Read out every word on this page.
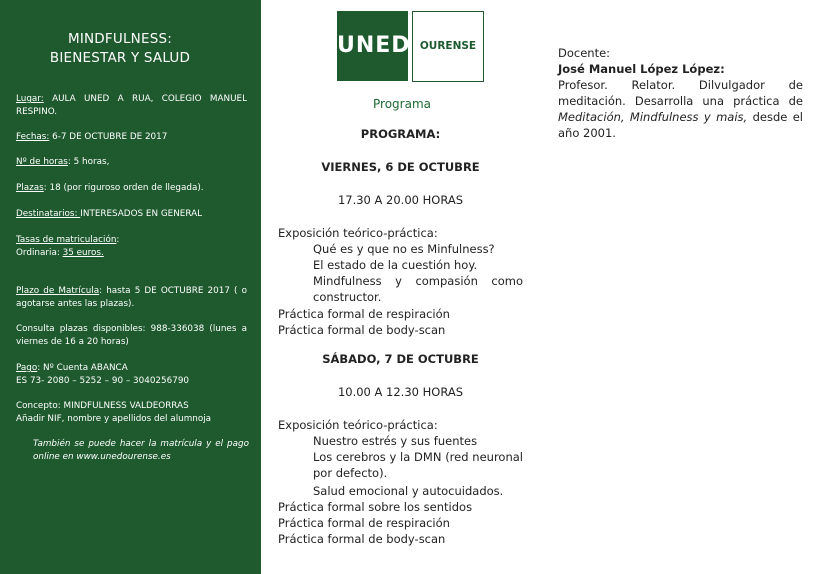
MINDFULNESS:
BIENESTAR Y SALUD
Lugar: AULA UNED A RUA, COLEGIO MANUEL RESPINO.
Fechas: 6-7 DE OCTUBRE DE 2017
Nº de horas: 5 horas,
Plazas: 18 (por riguroso orden de llegada).
Destinatarios: INTERESADOS EN GENERAL
Tasas de matriculación:
Ordinaria: 35 euros.
Plazo de Matrícula: hasta 5 DE OCTUBRE 2017 ( o agotarse antes las plazas).
Consulta plazas disponibles: 988-336038 (lunes a viernes de 16 a 20 horas)
Pago: Nº Cuenta ABANCA
ES 73- 2080 – 5252 – 90 – 3040256790
Concepto: MINDFULNESS VALDEORRAS
Añadir NIF, nombre y apellidos del alumnoja
También se puede hacer la matrícula y el pago online en www.unedourense.es
UNED OURENSE
Programa
PROGRAMA:
VIERNES, 6 DE OCTUBRE
17.30 A 20.00 HORAS
Exposición teórico-práctica:
Qué es y que no es Minfulness?
El estado de la cuestión hoy.
Mindfulness y compasión como constructor.
Práctica formal de respiración
Práctica formal de body-scan
SÁBADO, 7 DE OCTUBRE
10.00 A 12.30 HORAS
Exposición teórico-práctica:
Nuestro estrés y sus fuentes
Los cerebros y la DMN (red neuronal por defecto).
Salud emocional y autocuidados.
Práctica formal sobre los sentidos
Práctica formal de respiración
Práctica formal de body-scan
Docente:
José Manuel López López:
Profesor. Relator. Dilvulgador de meditación. Desarrolla una práctica de Meditación, Mindfulness y mais, desde el año 2001.
